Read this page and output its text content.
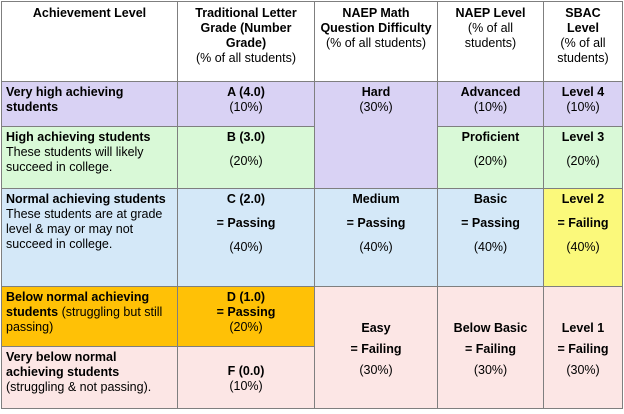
Achievement Level	Traditional Letter Grade (Number Grade)
(% of all students)	NAEP Math Question Difficulty
(% of all students)	NAEP Level
(% of all students)	SBAC Level
(% of all students)

Very high achieving students	A (4.0)
(10%)	Hard
(30%)	Advanced
(10%)	Level 4
(10%)

High achieving students
These students will likely succeed in college.	B (3.0)
(20%)		Proficient
(20%)	Level 3
(20%)

Normal achieving students
These students are at grade level & may or may not succeed in college.	C (2.0)
= Passing
(40%)	Medium
= Passing
(40%)	Basic
= Passing
(40%)	Level 2
= Failing
(40%)

Below normal achieving students (struggling but still passing)	D (1.0)
= Passing
(20%)	Easy
= Failing
(30%)	Below Basic
= Failing
(30%)	Level 1
= Failing
(30%)

Very below normal achieving students (struggling & not passing).	F (0.0)
(10%)			
